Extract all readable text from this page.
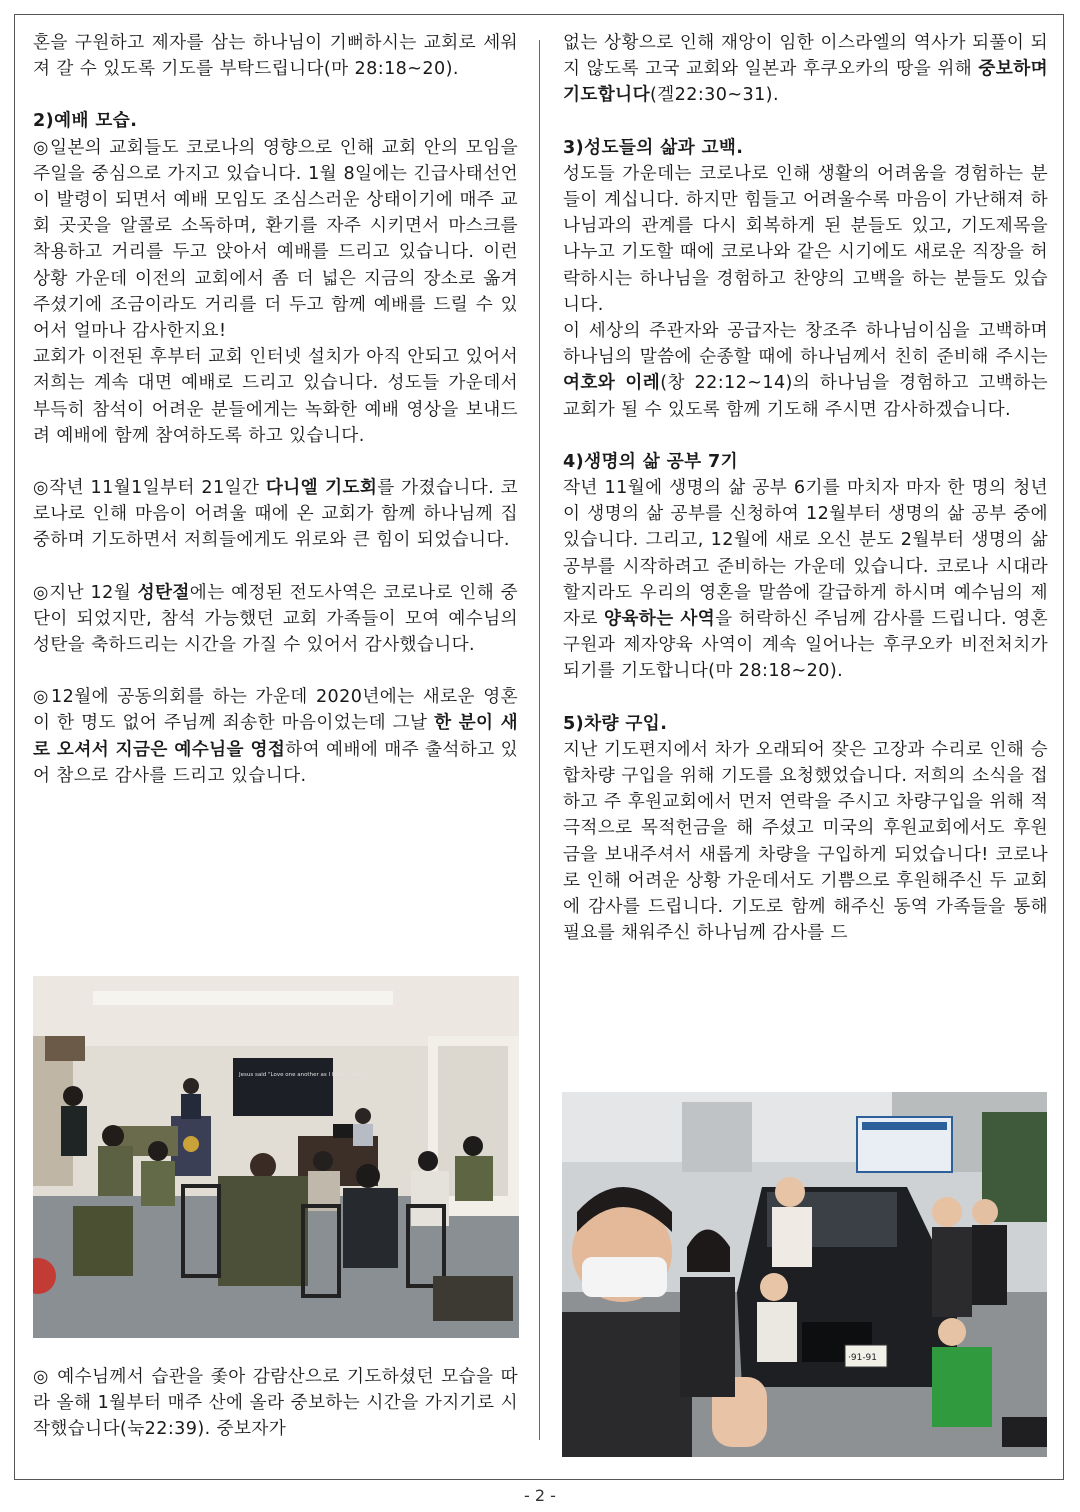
혼을 구원하고 제자를 삼는 하나님이 기뻐하시는 교회로 세워져 갈 수 있도록 기도를 부탁드립니다(마 28:18~20).

2)예배 모습.

◎일본의 교회들도 코로나의 영향으로 인해 교회 안의 모임을 주일을 중심으로 가지고 있습니다. 1월 8일에는 긴급사태선언이 발령이 되면서 예배 모임도 조심스러운 상태이기에 매주 교회 곳곳을 알콜로 소독하며, 환기를 자주 시키면서 마스크를 착용하고 거리를 두고 앉아서 예배를 드리고 있습니다. 이런 상황 가운데 이전의 교회에서 좀 더 넓은 지금의 장소로 옮겨주셨기에 조금이라도 거리를 더 두고 함께 예배를 드릴 수 있어서 얼마나 감사한지요!

교회가 이전된 후부터 교회 인터넷 설치가 아직 안되고 있어서 저희는 계속 대면 예배로 드리고 있습니다. 성도들 가운데서 부득히 참석이 어려운 분들에게는 녹화한 예배 영상을 보내드려 예배에 함께 참여하도록 하고 있습니다.

◎작년 11월1일부터 21일간 다니엘 기도회를 가졌습니다. 코로나로 인해 마음이 어려울 때에 온 교회가 함께 하나님께 집중하며 기도하면서 저희들에게도 위로와 큰 힘이 되었습니다.

◎지난 12월 성탄절에는 예정된 전도사역은 코로나로 인해 중단이 되었지만, 참석 가능했던 교회 가족들이 모여 예수님의 성탄을 축하드리는 시간을 가질 수 있어서 감사했습니다.

◎12월에 공동의회를 하는 가운데 2020년에는 새로운 영혼이 한 명도 없어 주님께 죄송한 마음이었는데 그날 한 분이 새로 오셔서 지금은 예수님을 영접하여 예배에 매주 출석하고 있어 참으로 감사를 드리고 있습니다.

Jesus said "Love one another as I have loved you"

◎ 예수님께서 습관을 좇아 감람산으로 기도하셨던 모습을 따라 올해 1월부터 매주 산에 올라 중보하는 시간을 가지기로 시작했습니다(눅22:39). 중보자가

없는 상황으로 인해 재앙이 임한 이스라엘의 역사가 되풀이 되지 않도록 고국 교회와 일본과 후쿠오카의 땅을 위해 중보하며 기도합니다(겔22:30~31).

3)성도들의 삶과 고백.

성도들 가운데는 코로나로 인해 생활의 어려움을 경험하는 분들이 계십니다. 하지만 힘들고 어려울수록 마음이 가난해져 하나님과의 관계를 다시 회복하게 된 분들도 있고, 기도제목을 나누고 기도할 때에 코로나와 같은 시기에도 새로운 직장을 허락하시는 하나님을 경험하고 찬양의 고백을 하는 분들도 있습니다.

이 세상의 주관자와 공급자는 창조주 하나님이심을 고백하며 하나님의 말씀에 순종할 때에 하나님께서 친히 준비해 주시는 여호와 이레(창 22:12~14)의 하나님을 경험하고 고백하는 교회가 될 수 있도록 함께 기도해 주시면 감사하겠습니다.

4)생명의 삶 공부 7기

작년 11월에 생명의 삶 공부 6기를 마치자 마자 한 명의 청년이 생명의 삶 공부를 신청하여 12월부터 생명의 삶 공부 중에 있습니다. 그리고, 12월에 새로 오신 분도 2월부터 생명의 삶 공부를 시작하려고 준비하는 가운데 있습니다. 코로나 시대라 할지라도 우리의 영혼을 말씀에 갈급하게 하시며 예수님의 제자로 양육하는 사역을 허락하신 주님께 감사를 드립니다. 영혼구원과 제자양육 사역이 계속 일어나는 후쿠오카 비전처치가 되기를 기도합니다(마 28:18~20).

5)차량 구입.

지난 기도편지에서 차가 오래되어 잦은 고장과 수리로 인해 승합차량 구입을 위해 기도를 요청했었습니다. 저희의 소식을 접하고 주 후원교회에서 먼저 연락을 주시고 차량구입을 위해 적극적으로 목적헌금을 해 주셨고 미국의 후원교회에서도 후원금을 보내주셔서 새롭게 차량을 구입하게 되었습니다! 코로나로 인해 어려운 상황 가운데서도 기쁨으로 후원해주신 두 교회에 감사를 드립니다. 기도로 함께 해주신 동역 가족들을 통해 필요를 채워주신 하나님께 감사를 드

·91-91
- 2 -
